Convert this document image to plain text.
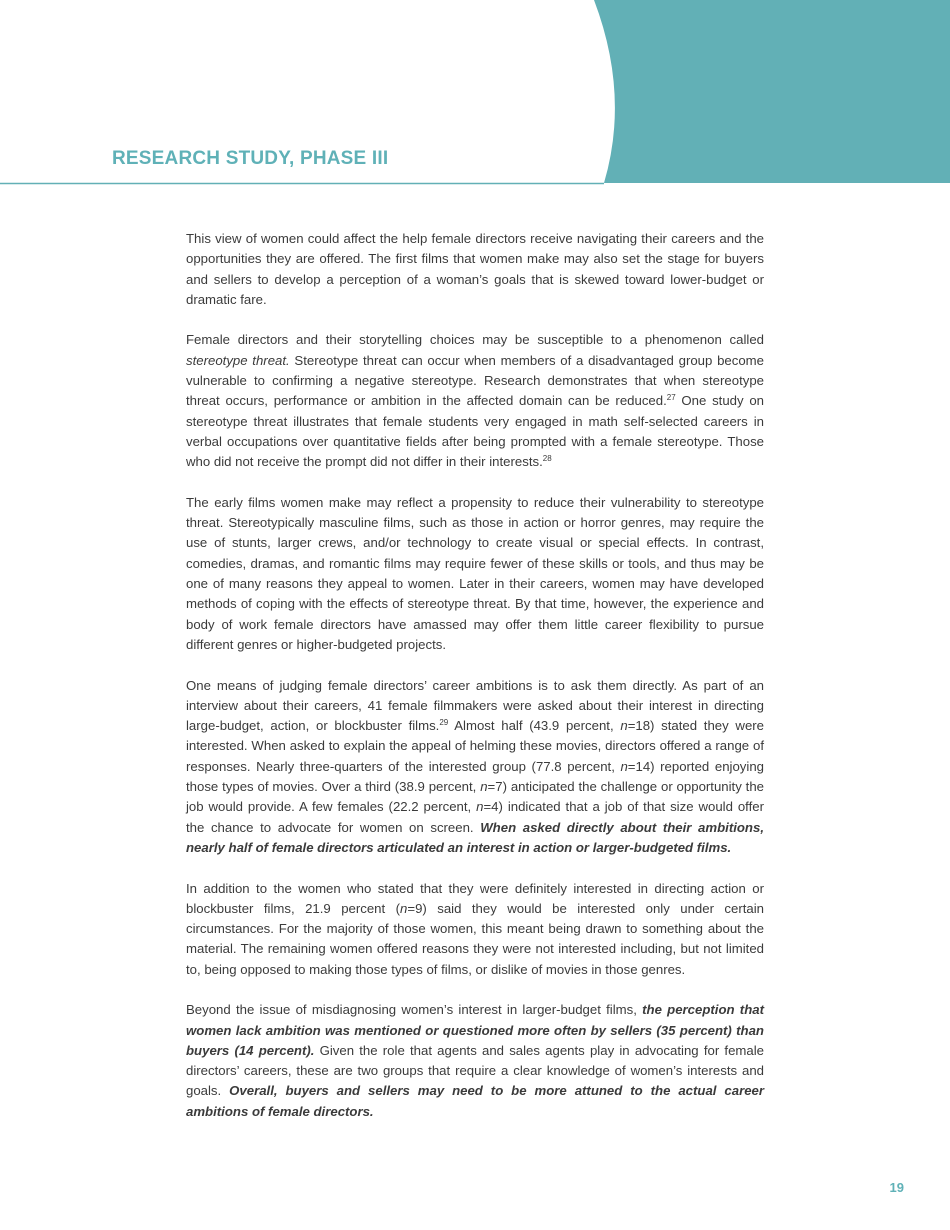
RESEARCH STUDY, PHASE III

This view of women could affect the help female directors receive navigating their careers and the opportunities they are offered. The first films that women make may also set the stage for buyers and sellers to develop a perception of a woman’s goals that is skewed toward lower-budget or dramatic fare.

Female directors and their storytelling choices may be susceptible to a phenomenon called stereotype threat. Stereotype threat can occur when members of a disadvantaged group become vulnerable to confirming a negative stereotype. Research demonstrates that when stereotype threat occurs, performance or ambition in the affected domain can be reduced.$^{27}$ One study on stereotype threat illustrates that female students very engaged in math self-selected careers in verbal occupations over quantitative fields after being prompted with a female stereotype. Those who did not receive the prompt did not differ in their interests.$^{28}$

The early films women make may reflect a propensity to reduce their vulnerability to stereotype threat. Stereotypically masculine films, such as those in action or horror genres, may require the use of stunts, larger crews, and/or technology to create visual or special effects. In contrast, comedies, dramas, and romantic films may require fewer of these skills or tools, and thus may be one of many reasons they appeal to women. Later in their careers, women may have developed methods of coping with the effects of stereotype threat. By that time, however, the experience and body of work female directors have amassed may offer them little career flexibility to pursue different genres or higher-budgeted projects.

One means of judging female directors’ career ambitions is to ask them directly. As part of an interview about their careers, 41 female filmmakers were asked about their interest in directing large-budget, action, or blockbuster films.$^{29}$ Almost half (43.9 percent, n=18) stated they were interested. When asked to explain the appeal of helming these movies, directors offered a range of responses. Nearly three-quarters of the interested group (77.8 percent, n=14) reported enjoying those types of movies. Over a third (38.9 percent, n=7) anticipated the challenge or opportunity the job would provide. A few females (22.2 percent, n=4) indicated that a job of that size would offer the chance to advocate for women on screen. When asked directly about their ambitions, nearly half of female directors articulated an interest in action or larger-budgeted films.

In addition to the women who stated that they were definitely interested in directing action or blockbuster films, 21.9 percent (n=9) said they would be interested only under certain circumstances. For the majority of those women, this meant being drawn to something about the material. The remaining women offered reasons they were not interested including, but not limited to, being opposed to making those types of films, or dislike of movies in those genres.

Beyond the issue of misdiagnosing women’s interest in larger-budget films, the perception that women lack ambition was mentioned or questioned more often by sellers (35 percent) than buyers (14 percent). Given the role that agents and sales agents play in advocating for female directors’ careers, these are two groups that require a clear knowledge of women’s interests and goals. Overall, buyers and sellers may need to be more attuned to the actual career ambitions of female directors.

19
